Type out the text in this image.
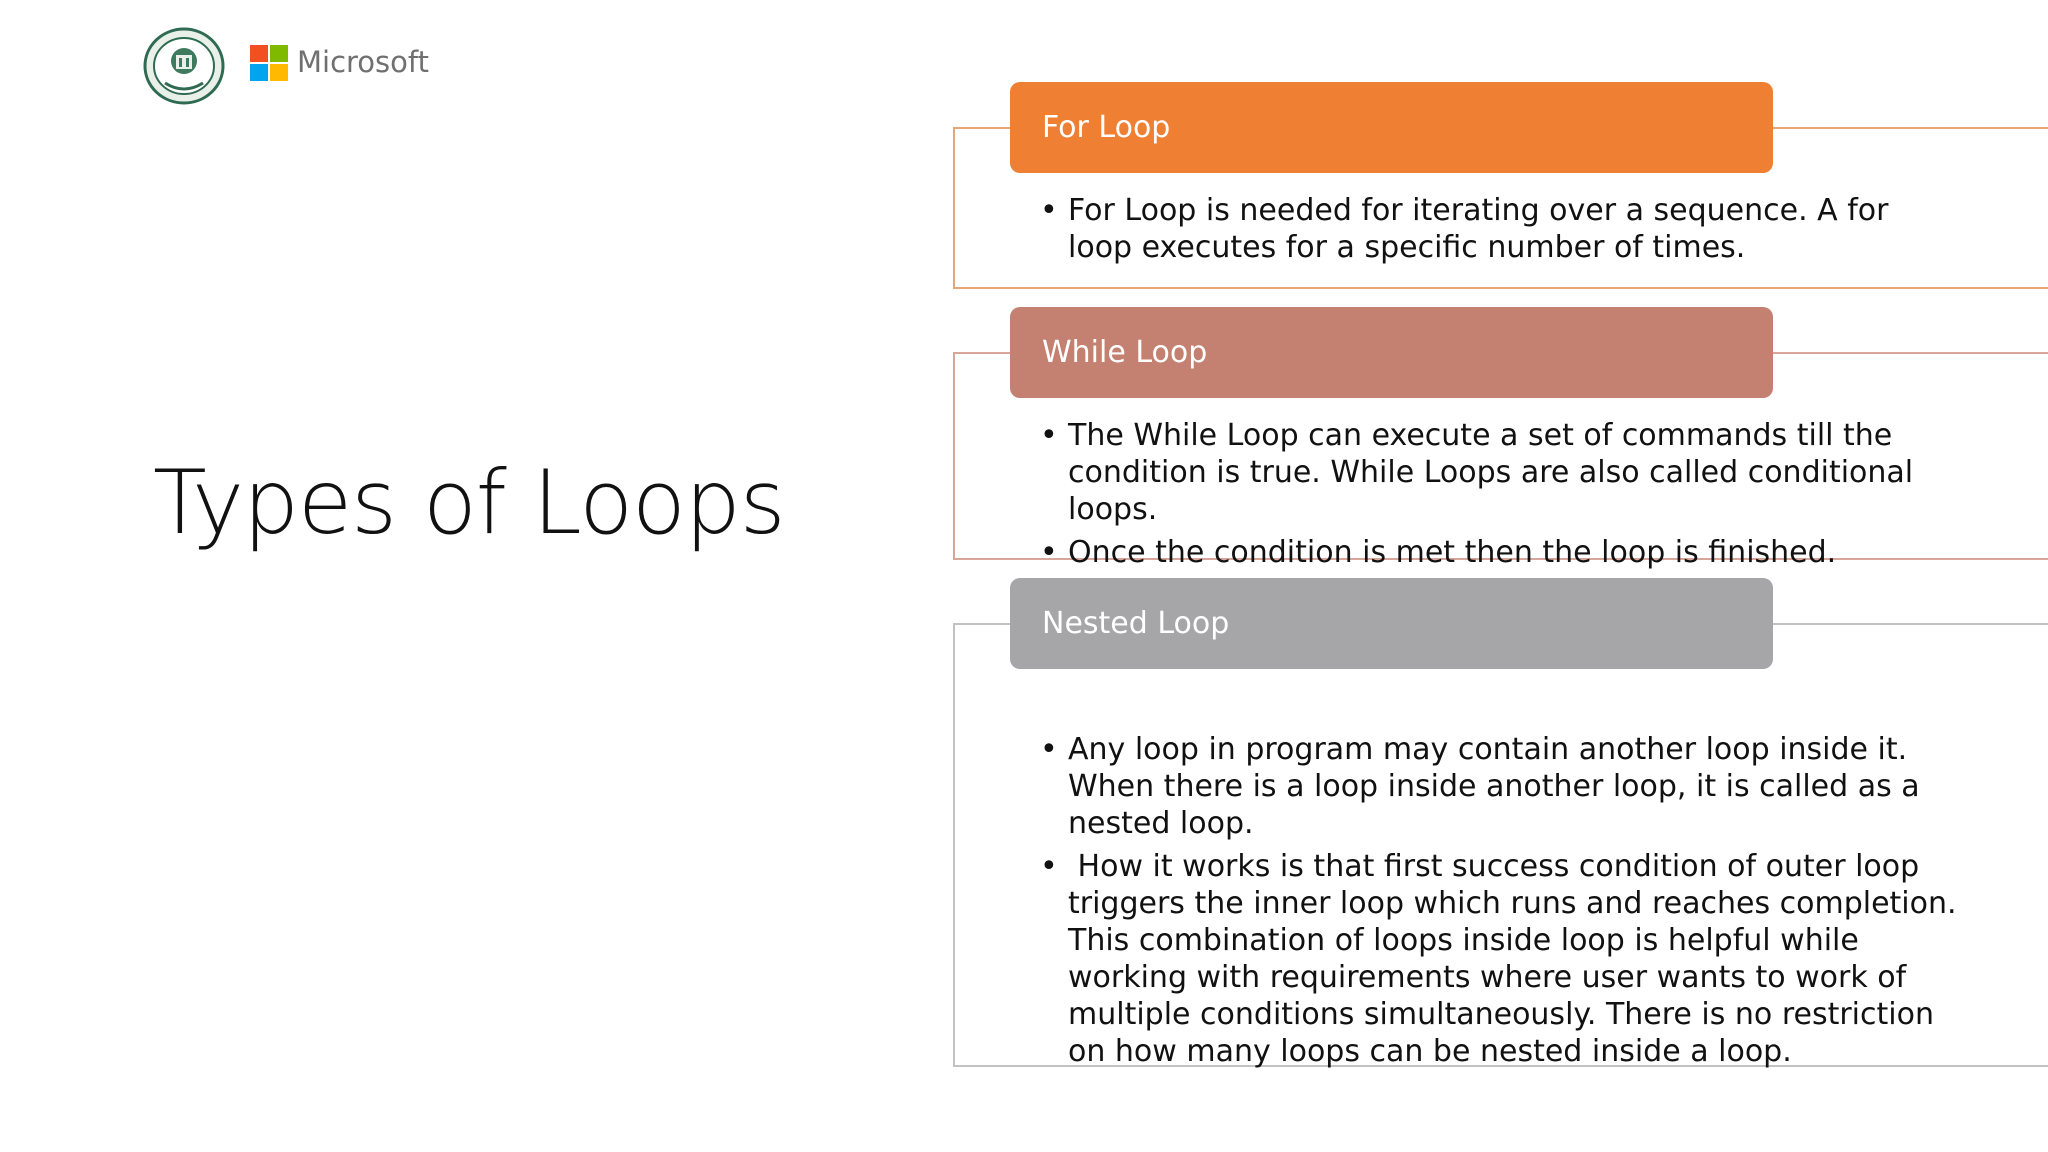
Microsoft
Types of Loops
For Loop
• For Loop is needed for iterating over a sequence. A for loop executes for a specific number of times.
While Loop
• The While Loop can execute a set of commands till the condition is true. While Loops are also called conditional loops.
• Once the condition is met then the loop is finished.
Nested Loop
• Any loop in program may contain another loop inside it. When there is a loop inside another loop, it is called as a nested loop.
•  How it works is that first success condition of outer loop triggers the inner loop which runs and reaches completion. This combination of loops inside loop is helpful while working with requirements where user wants to work of multiple conditions simultaneously. There is no restriction on how many loops can be nested inside a loop.
